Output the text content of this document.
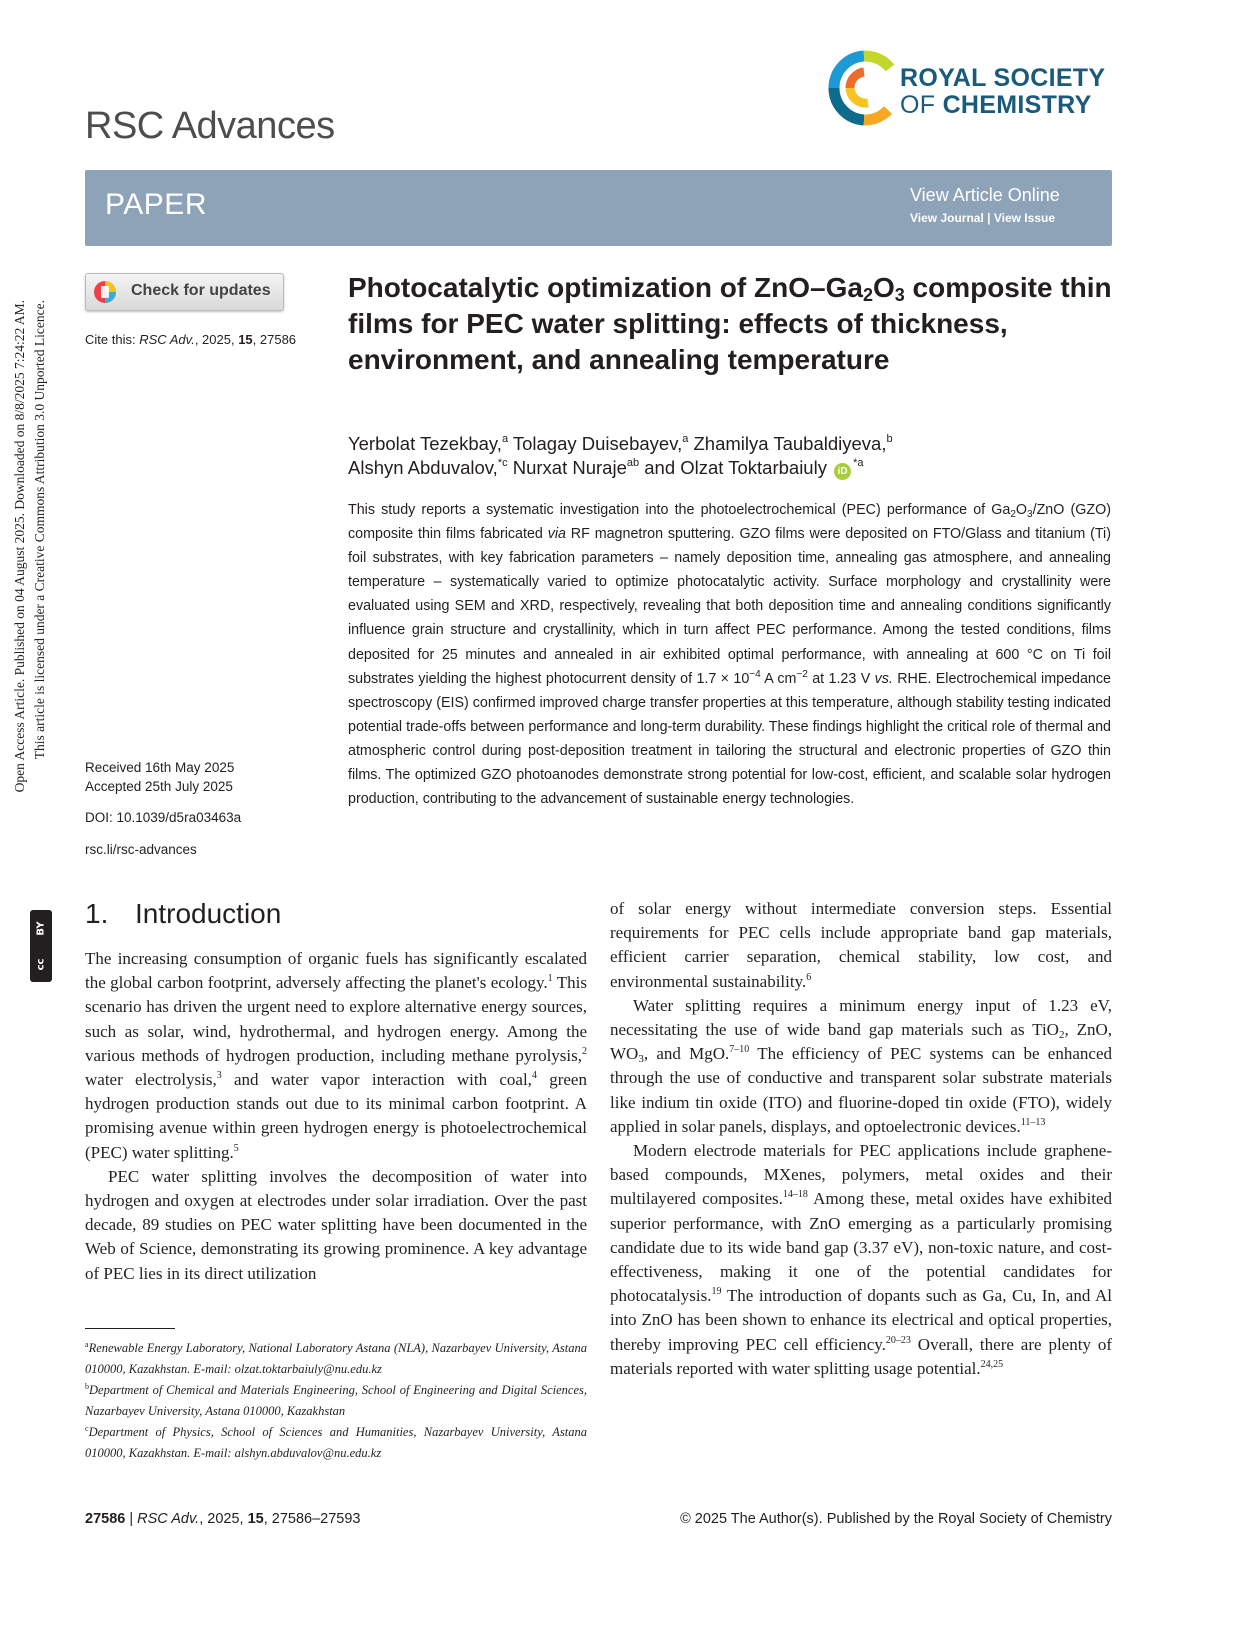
Open Access Article. Published on 04 August 2025. Downloaded on 8/8/2025 7:24:22 AM. This article is licensed under a Creative Commons Attribution 3.0 Unported Licence.
BY
cc
RSC Advances
ROYAL SOCIETY
OF CHEMISTRY
PAPER	View Article Online
View Journal | View Issue
Check for updates
Cite this: RSC Adv., 2025, 15, 27586
Photocatalytic optimization of ZnO–$Ga_2O_3$ composite thin films for PEC water splitting: effects of thickness, environment, and annealing temperature
Yerbolat Tezekbay,$^a$ Tolagay Duisebayev,$^a$ Zhamilya Taubaldiyeva,$^b$
Alshyn Abduvalov,$^{*c}$ Nurxat Nuraje$^{ab}$ and Olzat Toktarbaiuly $iD^{*a}$
This study reports a systematic investigation into the photoelectrochemical (PEC) performance of $Ga_2O_3$/ZnO (GZO) composite thin films fabricated via RF magnetron sputtering. GZO films were deposited on FTO/Glass and titanium (Ti) foil substrates, with key fabrication parameters – namely deposition time, annealing gas atmosphere, and annealing temperature – systematically varied to optimize photocatalytic activity. Surface morphology and crystallinity were evaluated using SEM and XRD, respectively, revealing that both deposition time and annealing conditions significantly influence grain structure and crystallinity, which in turn affect PEC performance. Among the tested conditions, films deposited for 25 minutes and annealed in air exhibited optimal performance, with annealing at 600 °C on Ti foil substrates yielding the highest photocurrent density of $1.7 \times 10^{-4}$ A $cm^{-2}$ at 1.23 V vs. RHE. Electrochemical impedance spectroscopy (EIS) confirmed improved charge transfer properties at this temperature, although stability testing indicated potential trade-offs between performance and long-term durability. These findings highlight the critical role of thermal and atmospheric control during post-deposition treatment in tailoring the structural and electronic properties of GZO thin films. The optimized GZO photoanodes demonstrate strong potential for low-cost, efficient, and scalable solar hydrogen production, contributing to the advancement of sustainable energy technologies.
Received 16th May 2025
Accepted 25th July 2025
DOI: 10.1039/d5ra03463a
rsc.li/rsc-advances
1. Introduction

The increasing consumption of organic fuels has significantly escalated the global carbon footprint, adversely affecting the planet's ecology.$^1$ This scenario has driven the urgent need to explore alternative energy sources, such as solar, wind, hydrothermal, and hydrogen energy. Among the various methods of hydrogen production, including methane pyrolysis,$^2$ water electrolysis,$^3$ and water vapor interaction with coal,$^4$ green hydrogen production stands out due to its minimal carbon footprint. A promising avenue within green hydrogen energy is photoelectrochemical (PEC) water splitting.$^5$

PEC water splitting involves the decomposition of water into hydrogen and oxygen at electrodes under solar irradiation. Over the past decade, 89 studies on PEC water splitting have been documented in the Web of Science, demonstrating its growing prominence. A key advantage of PEC lies in its direct utilization

of solar energy without intermediate conversion steps. Essential requirements for PEC cells include appropriate band gap materials, efficient carrier separation, chemical stability, low cost, and environmental sustainability.$^6$

Water splitting requires a minimum energy input of 1.23 eV, necessitating the use of wide band gap materials such as TiO$_2$, ZnO, $WO_3$, and MgO.$^{7-10}$ The efficiency of PEC systems can be enhanced through the use of conductive and transparent solar substrate materials like indium tin oxide (ITO) and fluorine-doped tin oxide (FTO), widely applied in solar panels, displays, and optoelectronic devices.$^{11-13}$

Modern electrode materials for PEC applications include graphene-based compounds, MXenes, polymers, metal oxides and their multilayered composites.$^{14-18}$ Among these, metal oxides have exhibited superior performance, with ZnO emerging as a particularly promising candidate due to its wide band gap (3.37 eV), non-toxic nature, and cost-effectiveness, making it one of the potential candidates for photocatalysis.$^{19}$ The introduction of dopants such as Ga, Cu, In, and Al into ZnO has been shown to enhance its electrical and optical properties, thereby improving PEC cell efficiency.$^{20-23}$ Overall, there are plenty of materials reported with water splitting usage potential.$^{24,25}$

$^a$Renewable Energy Laboratory, National Laboratory Astana (NLA), Nazarbayev University, Astana 010000, Kazakhstan. E-mail: olzat.toktarbaiuly@nu.edu.kz

$^b$Department of Chemical and Materials Engineering, School of Engineering and Digital Sciences, Nazarbayev University, Astana 010000, Kazakhstan

$^c$Department of Physics, School of Sciences and Humanities, Nazarbayev University, Astana 010000, Kazakhstan. E-mail: alshyn.abduvalov@nu.edu.kz

27586 | RSC Adv., 2025, 15, 27586–27593	© 2025 The Author(s). Published by the Royal Society of Chemistry
